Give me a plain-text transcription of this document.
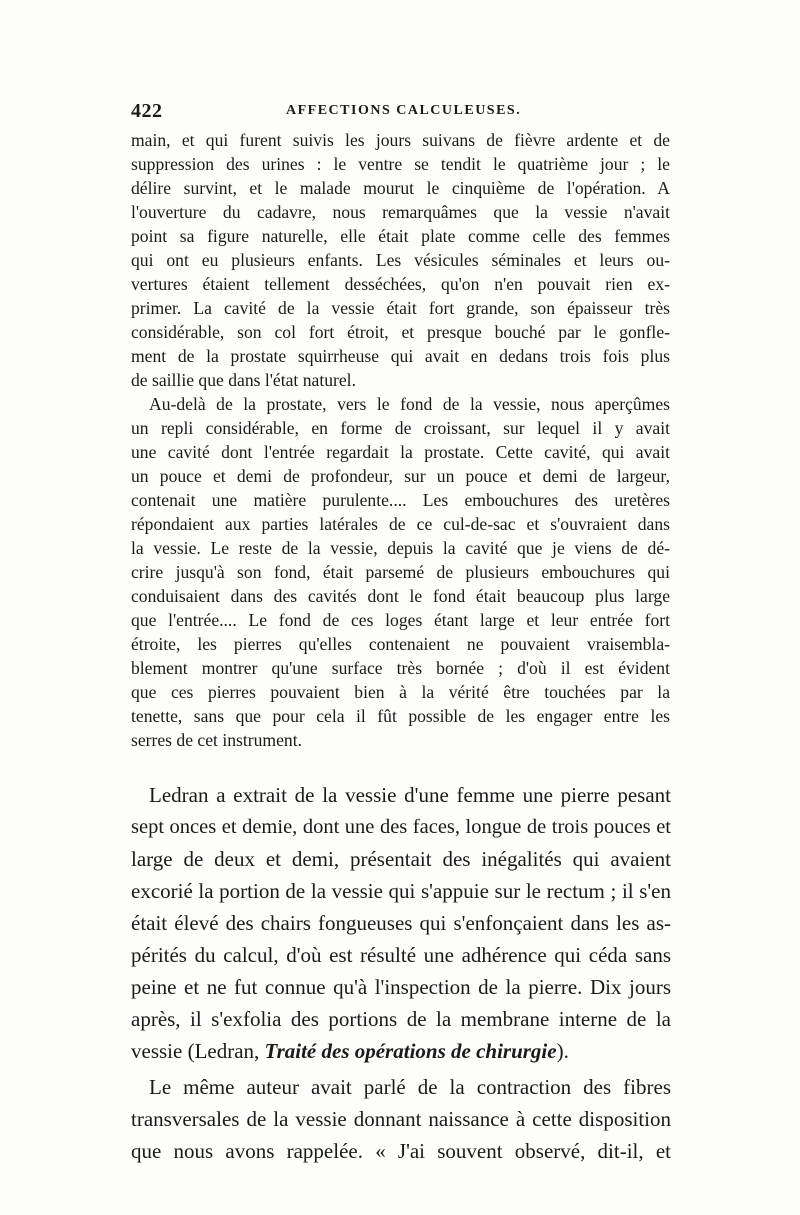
422	AFFECTIONS CALCULEUSES.
main, et qui furent suivis les jours suivans de fièvre ardente et de
suppression des urines : le ventre se tendit le quatrième jour ; le
délire survint, et le malade mourut le cinquième de l'opération. A
l'ouverture du cadavre, nous remarquâmes que la vessie n'avait
point sa figure naturelle, elle était plate comme celle des femmes
qui ont eu plusieurs enfants. Les vésicules séminales et leurs ou-
vertures étaient tellement desséchées, qu'on n'en pouvait rien ex-
primer. La cavité de la vessie était fort grande, son épaisseur très
considérable, son col fort étroit, et presque bouché par le gonfle-
ment de la prostate squirrheuse qui avait en dedans trois fois plus
de saillie que dans l'état naturel.
Au-delà de la prostate, vers le fond de la vessie, nous aperçûmes
un repli considérable, en forme de croissant, sur lequel il y avait
une cavité dont l'entrée regardait la prostate. Cette cavité, qui avait
un pouce et demi de profondeur, sur un pouce et demi de largeur,
contenait une matière purulente.... Les embouchures des uretères
répondaient aux parties latérales de ce cul-de-sac et s'ouvraient dans
la vessie. Le reste de la vessie, depuis la cavité que je viens de dé-
crire jusqu'à son fond, était parsemé de plusieurs embouchures qui
conduisaient dans des cavités dont le fond était beaucoup plus large
que l'entrée.... Le fond de ces loges étant large et leur entrée fort
étroite, les pierres qu'elles contenaient ne pouvaient vraisembla-
blement montrer qu'une surface très bornée ; d'où il est évident
que ces pierres pouvaient bien à la vérité être touchées par la
tenette, sans que pour cela il fût possible de les engager entre les
serres de cet instrument.
Ledran a extrait de la vessie d'une femme une pierre pesant
sept onces et demie, dont une des faces, longue de trois pouces et
large de deux et demi, présentait des inégalités qui avaient
excorié la portion de la vessie qui s'appuie sur le rectum ; il s'en
était élevé des chairs fongueuses qui s'enfonçaient dans les as-
pérités du calcul, d'où est résulté une adhérence qui céda sans
peine et ne fut connue qu'à l'inspection de la pierre. Dix jours
après, il s'exfolia des portions de la membrane interne de la
vessie (Ledran, Traité des opérations de chirurgie).
Le même auteur avait parlé de la contraction des fibres
transversales de la vessie donnant naissance à cette disposition
que nous avons rappelée. « J'ai souvent observé, dit-il, et
